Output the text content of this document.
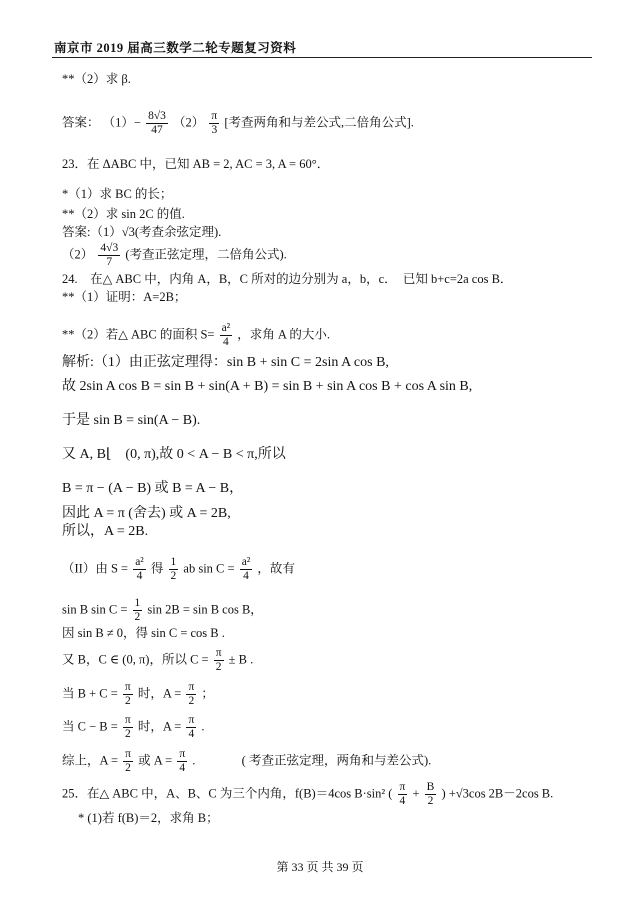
南京市 2019 届高三数学二轮专题复习资料
**（2）求 β.
答案： $(1)- \frac{8√3}{47} (2) \frac{\pi}{3}$ [考查两角和与差公式,二倍角公式].
23．在 ΔABC 中，已知 AB = 2, AC = 3, A = 60°．
*（1）求 BC 的长；
**（2）求 sin 2C 的值.
答案:（1）√3(考查余弦定理).
$(2) \frac{4√3}{7}$ (考查正弦定理，二倍角公式).
24.　在△ ABC 中，内角 A，B，C 所对的边分别为 a，b，c．　已知 b+c=2a cos B．
**（1）证明：A=2B；
**（2）若△ ABC 的面积 $S= \frac{\text{a²}}{4}$ ，求角 A 的大小.
解析:（1）由正弦定理得：sin B + sin C = 2sin A cos B,
故 2sin A cos B = sin B + sin(A + B) = sin B + sin A cos B + cos A sin B,
于是 sin B = sin(A − B).
又 A, B⌊　(0, π),故 0 < A − B < π,所以
B = π − (A − B) 或 B = A − B，
因此 A = π (舍去) 或 A = 2B,
所以，A = 2B.
（II）由 $S = \frac{\text{a²}}{4}$ 得 $\frac{1}{2}$ ab $\sin C = \frac{\text{a²}}{4}$ ，故有
sin B $\sin C = \frac{1}{2}$ sin 2B = sin B cos B，
因 sin B ≠ 0，得 sin C = cos B .
又 B，C ∈ (0, π)，所以 $C = \frac{\pi}{2} \pm B$ .
当 $B + C = \frac{\pi}{2}$ 时，$A = \frac{\pi}{2}$ ；
当 $C - B = \frac{\pi}{2}$ 时，$A = \frac{\pi}{4}$ .
综上，$A = \frac{\pi}{2}$ 或 $A = \frac{\pi}{4}$ .	( 考查正弦定理，两角和与差公式).
25．在△ ABC 中，A、B、C 为三个内角，f(B)＝4cos B·sin² ( $\frac{\pi}{4} + \frac{B}{2}$ ) +√3cos 2B－2cos B.
* (1)若 f(B)＝2，求角 B；
第 33 页 共 39 页
